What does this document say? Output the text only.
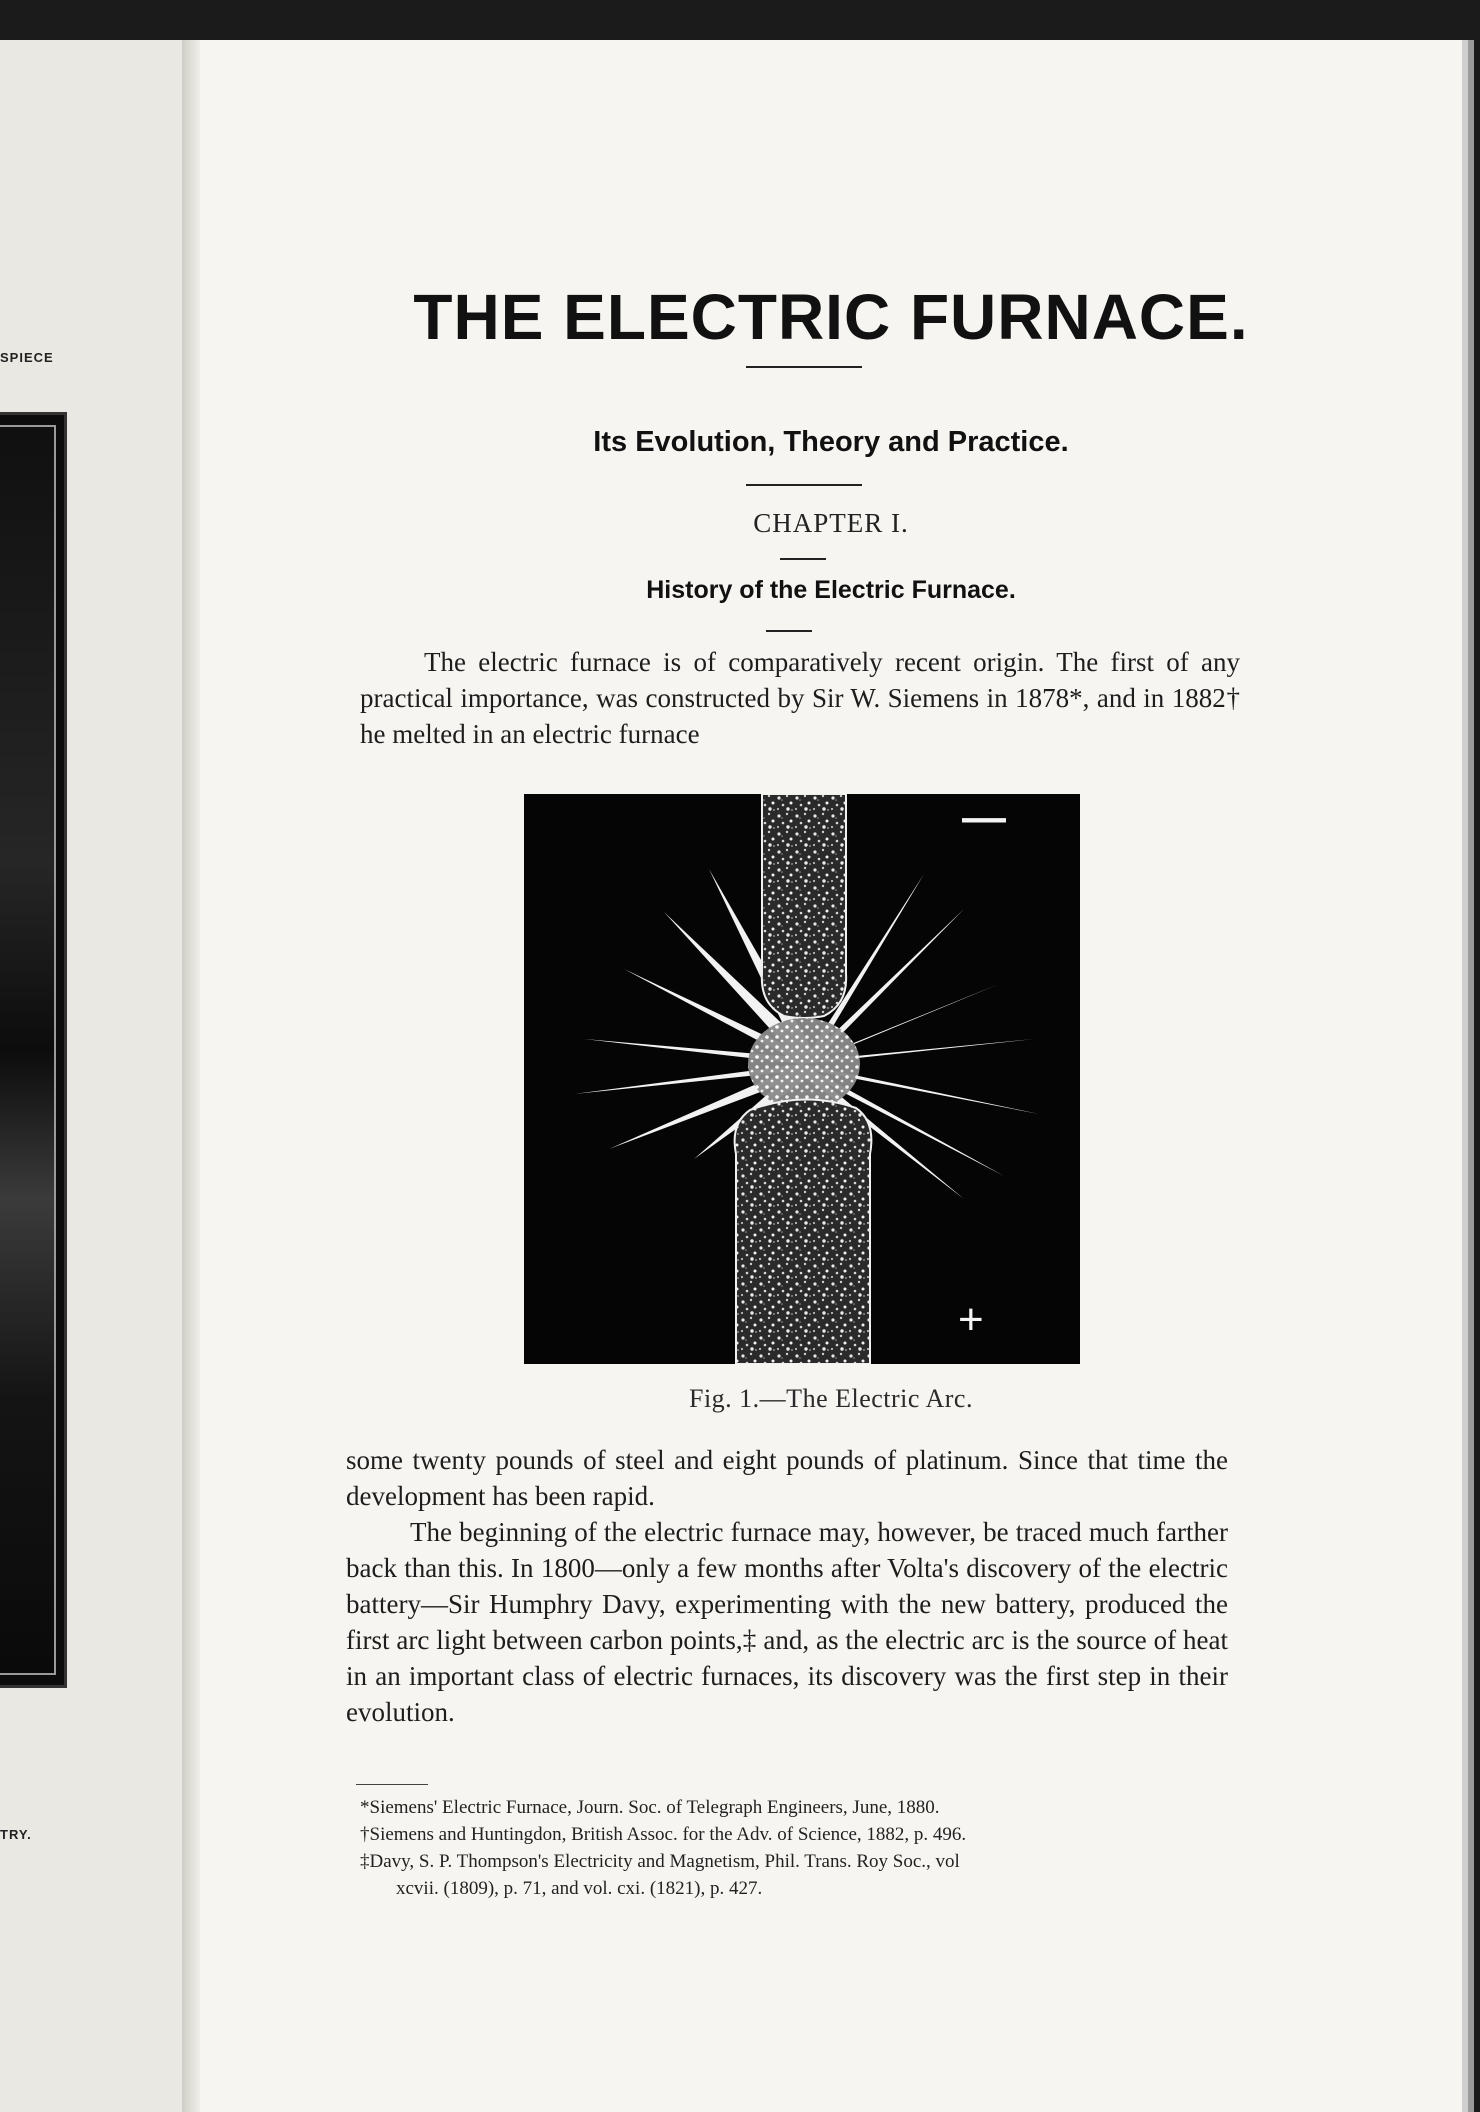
SPIECE
TRY.
THE ELECTRIC FURNACE.
Its Evolution, Theory and Practice.
CHAPTER I.
History of the Electric Furnace.
The electric furnace is of comparatively recent origin. The first of any practical importance, was constructed by Sir W. Siemens in 1878*, and in 1882† he melted in an electric furnace
—
+
Fig. 1.—The Electric Arc.
some twenty pounds of steel and eight pounds of platinum. Since that time the development has been rapid.
The beginning of the electric furnace may, however, be traced much farther back than this. In 1800—only a few months after Volta's discovery of the electric battery—Sir Humphry Davy, experimenting with the new battery, produced the first arc light between carbon points,‡ and, as the electric arc is the source of heat in an important class of electric furnaces, its discovery was the first step in their evolution.
*Siemens' Electric Furnace, Journ. Soc. of Telegraph Engineers, June, 1880.
†Siemens and Huntingdon, British Assoc. for the Adv. of Science, 1882, p. 496.
‡Davy, S. P. Thompson's Electricity and Magnetism, Phil. Trans. Roy Soc., vol
xcvii. (1809), p. 71, and vol. cxi. (1821), p. 427.
